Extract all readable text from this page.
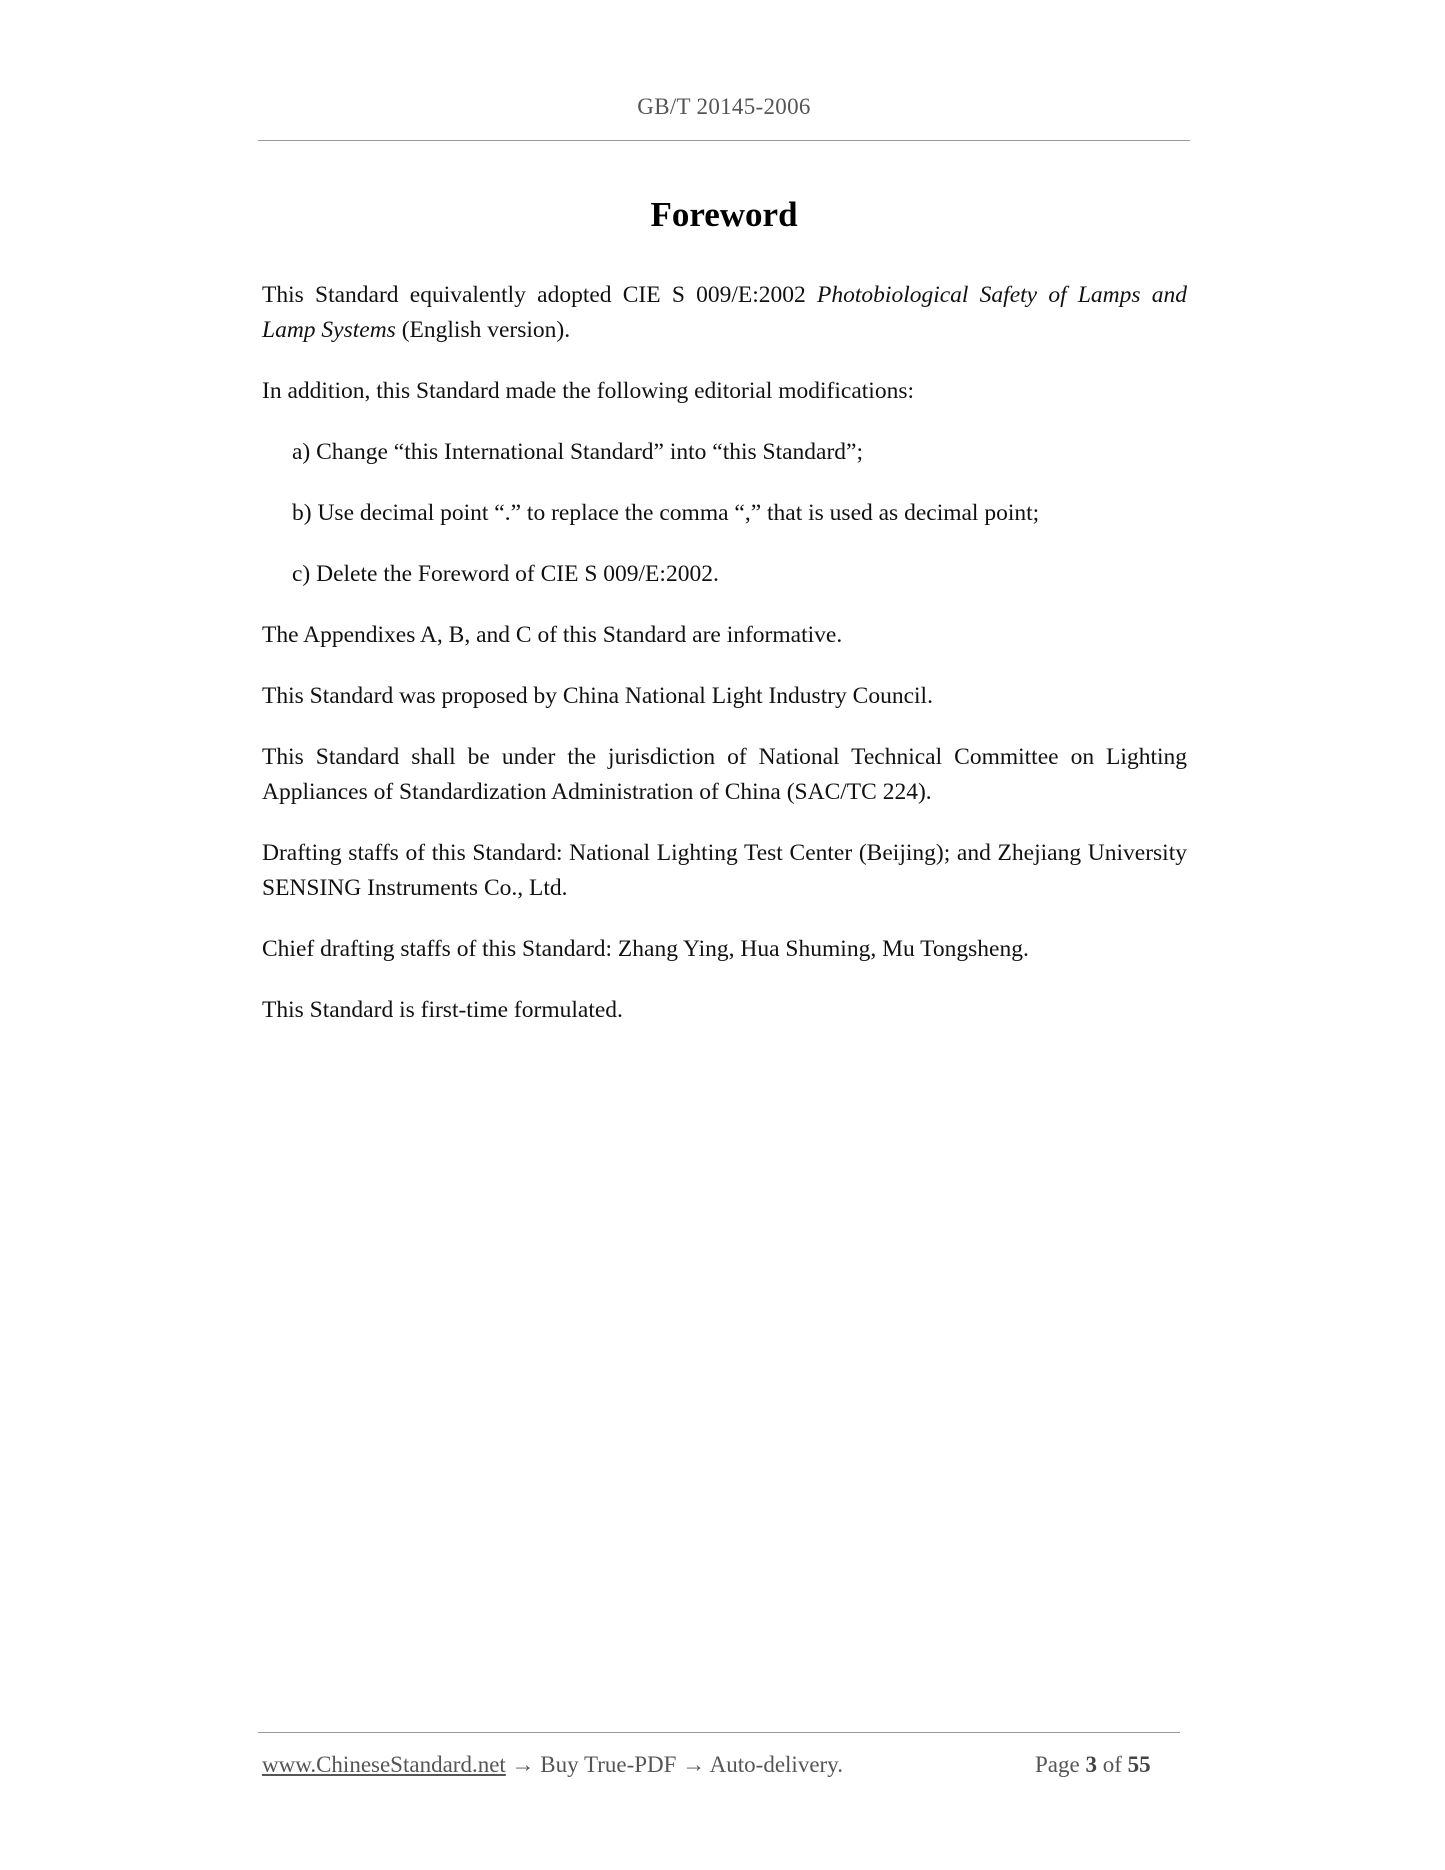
GB/T 20145-2006
Foreword

This Standard equivalently adopted CIE S 009/E:2002 Photobiological Safety of Lamps and Lamp Systems (English version).

In addition, this Standard made the following editorial modifications:

a) Change “this International Standard” into “this Standard”;

b) Use decimal point “.” to replace the comma “,” that is used as decimal point;

c) Delete the Foreword of CIE S 009/E:2002.

The Appendixes A, B, and C of this Standard are informative.

This Standard was proposed by China National Light Industry Council.

This Standard shall be under the jurisdiction of National Technical Committee on Lighting Appliances of Standardization Administration of China (SAC/TC 224).

Drafting staffs of this Standard: National Lighting Test Center (Beijing); and Zhejiang University SENSING Instruments Co., Ltd.

Chief drafting staffs of this Standard: Zhang Ying, Hua Shuming, Mu Tongsheng.

This Standard is first-time formulated.

www.ChineseStandard.net → Buy True-PDF → Auto-delivery.	Page 3 of 55
